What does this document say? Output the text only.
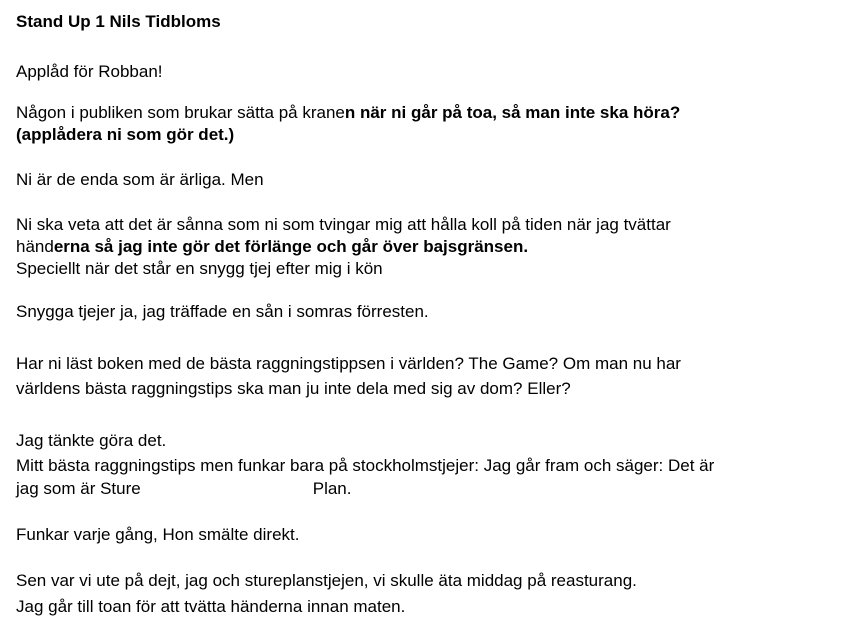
Stand Up 1 Nils Tidbloms
Applåd för Robban!
Någon i publiken som brukar sätta på kranen när ni går på toa, så man inte ska höra?
(applådera ni som gör det.)
Ni är de enda som är ärliga. Men
Ni ska veta att det är sånna som ni som tvingar mig att hålla koll på tiden när jag tvättar
händerna så jag inte gör det förlänge och går över bajsgränsen.
Speciellt när det står en snygg tjej efter mig i kön
Snygga tjejer ja, jag träffade en sån i somras förresten.
Har ni läst boken med de bästa raggningstippsen i världen? The Game? Om man nu har
världens bästa raggningstips ska man ju inte dela med sig av dom? Eller?
Jag tänkte göra det.
Mitt bästa raggningstips men funkar bara på stockholmstjejer: Jag går fram och säger: Det är
jag som är Sture	Plan.
Funkar varje gång, Hon smälte direkt.
Sen var vi ute på dejt, jag och stureplanstjejen, vi skulle äta middag på reasturang.
Jag går till toan för att tvätta händerna innan maten.
